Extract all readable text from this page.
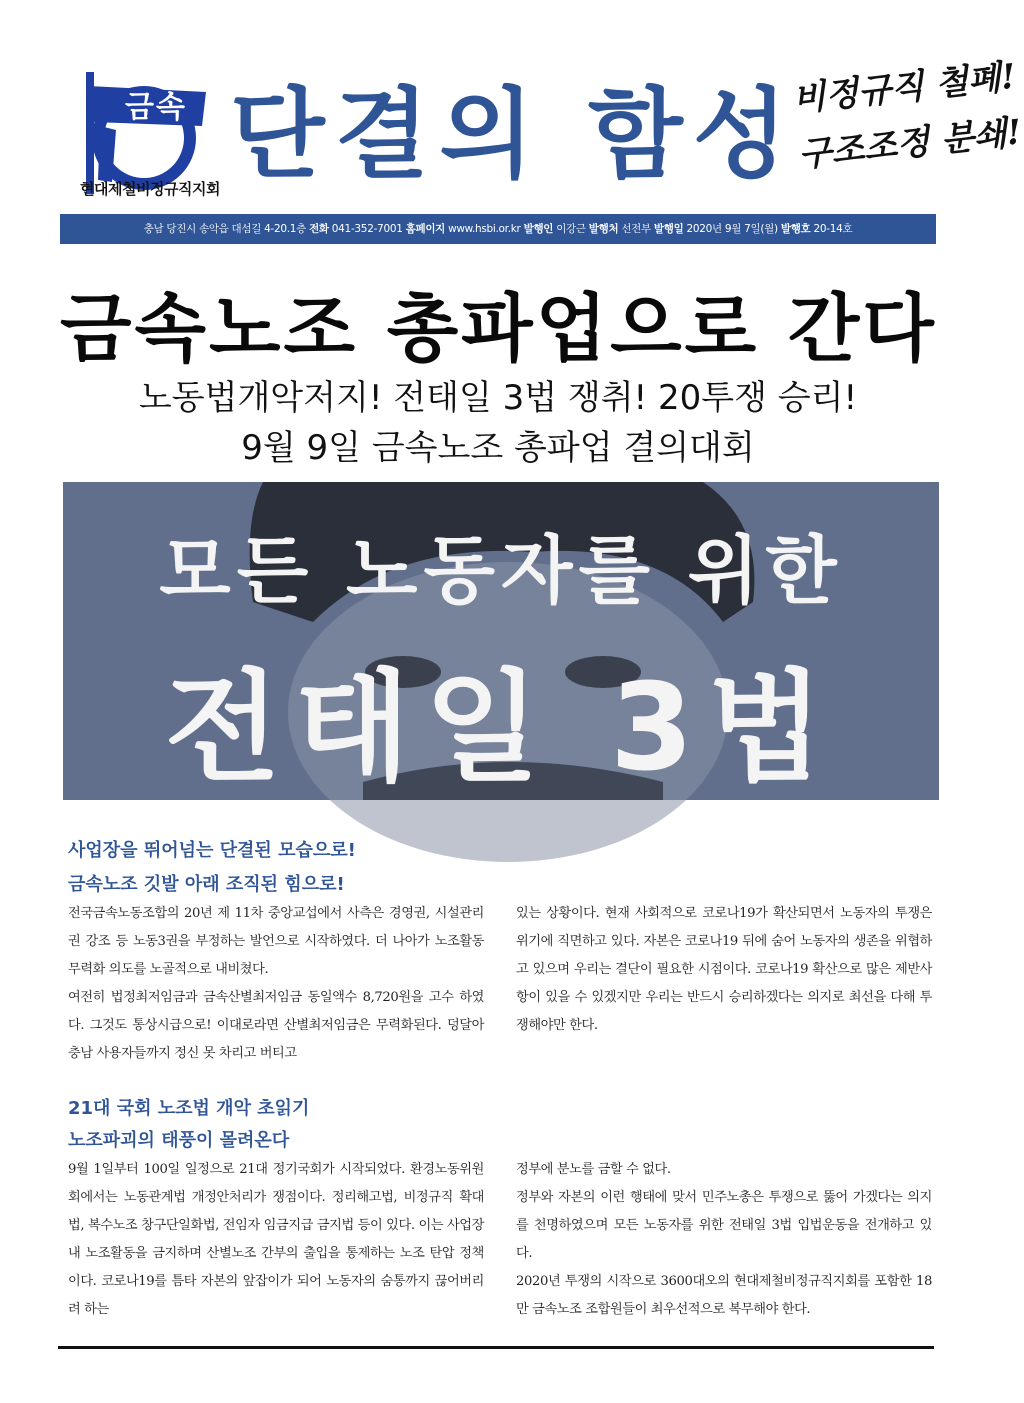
금속
현대제철비정규직지회 단결의 함성
비정규직 철폐!
구조조정 분쇄!
충남 당진시 송악읍 대섬길 4-20.1층 전화 041-352-7001 홈페이지 www.hsbi.or.kr 발행인 이강근 발행처 선전부 발행일 2020년 9월 7일(월) 발행호 20-14호
금속노조 총파업으로 간다
노동법개악저지! 전태일 3법 쟁취! 20투쟁 승리!
9월 9일 금속노조 총파업 결의대회
모든 노동자를 위한
전태일 3법
사업장을 뛰어넘는 단결된 모습으로!
금속노조 깃발 아래 조직된 힘으로!

전국금속노동조합의 20년 제 11차 중앙교섭에서 사측은 경영권, 시설관리권 강조 등 노동3권을 부정하는 발언으로 시작하였다. 더 나아가 노조활동 무력화 의도를 노골적으로 내비쳤다.

여전히 법정최저임금과 금속산별최저임금 동일액수 8,720원을 고수 하였다. 그것도 통상시급으로! 이대로라면 산별최저임금은 무력화된다. 덩달아 충남 사용자들까지 정신 못 차리고 버티고

있는 상황이다. 현재 사회적으로 코로나19가 확산되면서 노동자의 투쟁은 위기에 직면하고 있다. 자본은 코로나19 뒤에 숨어 노동자의 생존을 위협하고 있으며 우리는 결단이 필요한 시점이다. 코로나19 확산으로 많은 제반사항이 있을 수 있겠지만 우리는 반드시 승리하겠다는 의지로 최선을 다해 투쟁해야만 한다.

21대 국회 노조법 개악 초읽기
노조파괴의 태풍이 몰려온다

9월 1일부터 100일 일정으로 21대 정기국회가 시작되었다. 환경노동위원회에서는 노동관계법 개정안처리가 쟁점이다. 정리해고법, 비정규직 확대법, 복수노조 창구단일화법, 전임자 임금지급 금지법 등이 있다. 이는 사업장내 노조활동을 금지하며 산별노조 간부의 출입을 통제하는 노조 탄압 정책이다. 코로나19를 틈타 자본의 앞잡이가 되어 노동자의 숨통까지 끊어버리려 하는

정부에 분노를 금할 수 없다.

정부와 자본의 이런 행태에 맞서 민주노총은 투쟁으로 뚫어 가겠다는 의지를 천명하였으며 모든 노동자를 위한 전태일 3법 입법운동을 전개하고 있다.

2020년 투쟁의 시작으로 3600대오의 현대제철비정규직지회를 포함한 18만 금속노조 조합원들이 최우선적으로 복무해야 한다.
